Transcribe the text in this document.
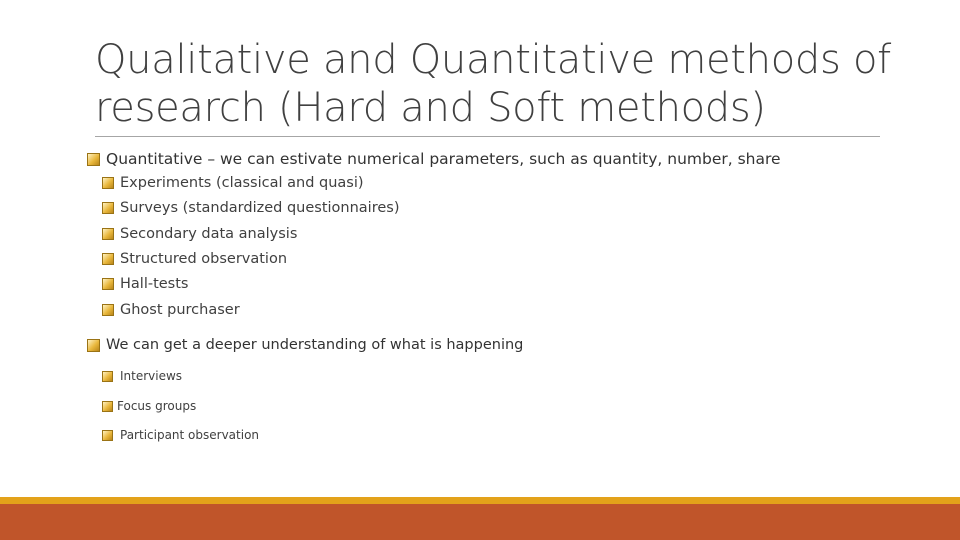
Qualitative and Quantitative methods of
research (Hard and Soft methods)
Quantitative – we can estivate numerical parameters, such as quantity, number, share
Experiments (classical and quasi)
Surveys (standardized questionnaires)
Secondary data analysis
Structured observation
Hall-tests
Ghost purchaser
We can get a deeper understanding of what is happening
Interviews
Focus groups
Participant observation
